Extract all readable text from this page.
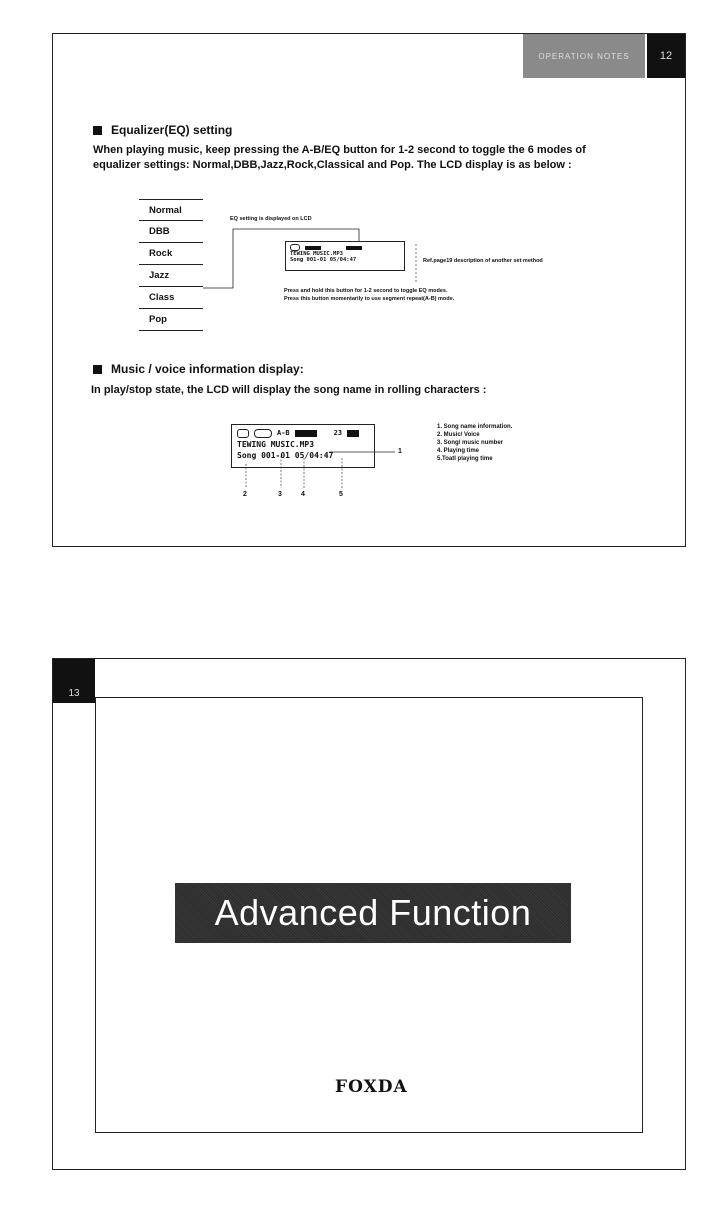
OPERATION NOTES	12
Equalizer(EQ) setting
When playing music, keep pressing the A-B/EQ button for 1-2 second to toggle the 6 modes of
equalizer settings: Normal,DBB,Jazz,Rock,Classical and Pop. The LCD display is as below :
Normal
DBB
Rock
Jazz
Class
Pop
EQ setting is displayed on LCD
TEWING MUSIC.MP3
Song 001-01 05/04:47	Ref.page19 description of another set method
Press and hold this button for 1-2 second to toggle EQ modes.
Press this button momentarily to use segment repeat(A-B) mode.
Music / voice information display:
In play/stop state, the LCD will display the song name in rolling characters :
A-B	23
TEWING MUSIC.MP3
Song 001-01 05/04:47	1
2	3	4	5
1. Song name information.
2. Music/ Voice
3. Song/ music number
4. Playing time
5.Toatl playing time
13
Advanced Function
FOXDA
